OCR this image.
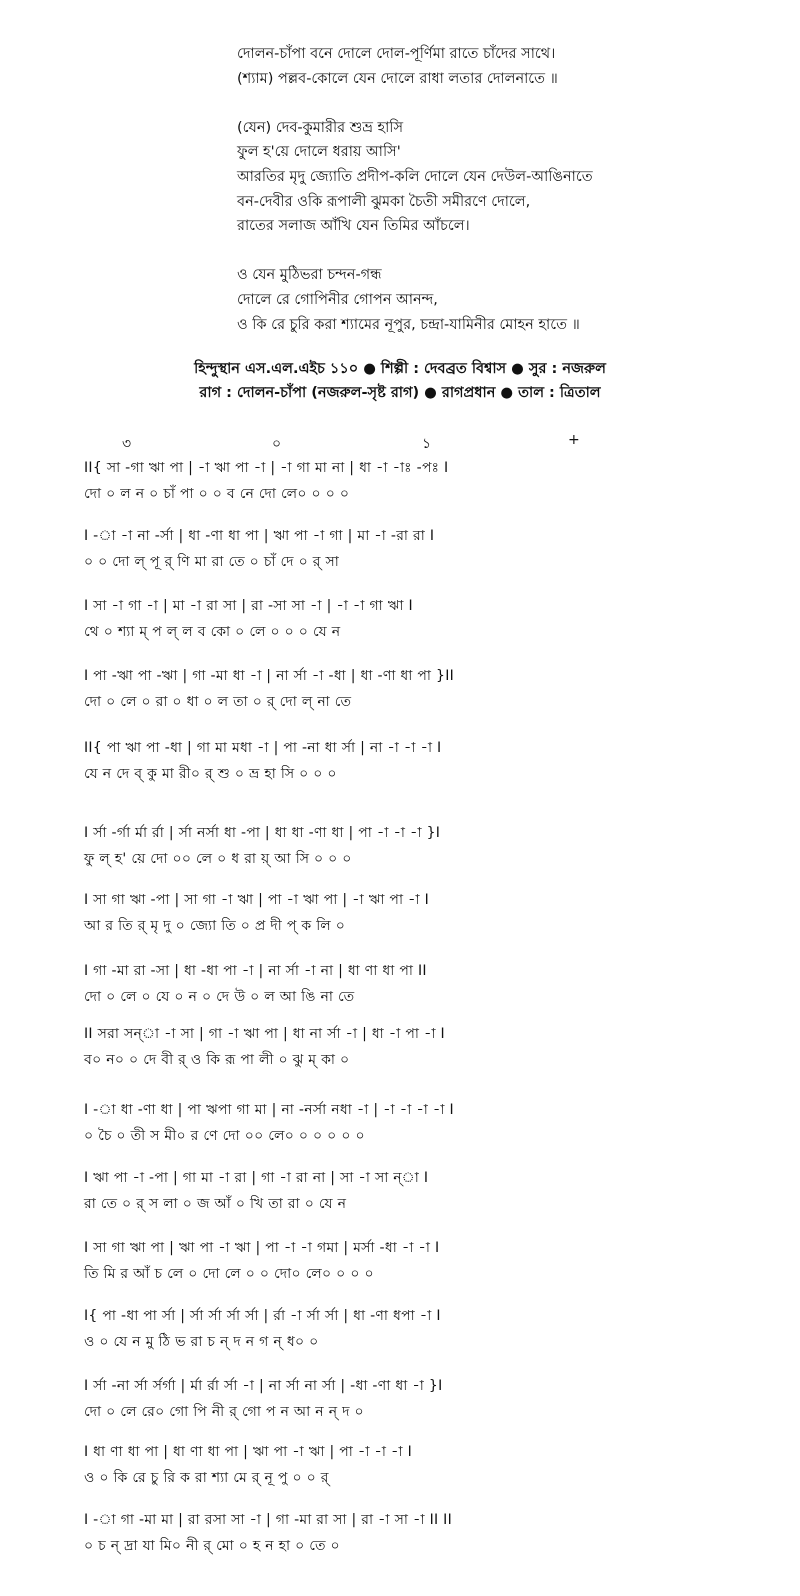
দোলন-চাঁপা বনে দোলে দোল-পূর্ণিমা রাতে চাঁদের সাথে।
(শ্যাম) পল্লব-কোলে যেন দোলে রাধা লতার দোলনাতে ॥
(যেন) দেব-কুমারীর শুভ্র হাসি
ফুল হ'য়ে দোলে ধরায় আসি'
আরতির মৃদু জ্যোতি প্রদীপ-কলি দোলে যেন দেউল-আঙিনাতে
বন-দেবীর ওকি রূপালী ঝুমকা চৈতী সমীরণে দোলে,
রাতের সলাজ আঁখি যেন তিমির আঁচলে।
ও যেন মুঠিভরা চন্দন-গন্ধ
দোলে রে গোপিনীর গোপন আনন্দ,
ও কি রে চুরি করা শ্যামের নূপুর, চন্দ্রা-যামিনীর মোহন হাতে ॥
হিন্দুস্থান এস.এল.এইচ ১১০ ● শিল্পী : দেবব্রত বিশ্বাস ● সুর : নজরুল
রাগ : দোলন-চাঁপা (নজরুল-সৃষ্ট রাগ) ● রাগপ্রধান ● তাল : ত্রিতাল
৩	০	১	+
II{ সা -গা ঋা পা | -া ঋা পা -া | -া গা মা না | ধা -া -াঃ -পঃ I
দো ০ ল ন ০ চাঁ পা ০ ০ ব নে দো লে০ ০ ০ ০
I -া -া না -র্সা | ধা -ণা ধা পা | ঋা পা -া গা | মা -া -রা রা I
০ ০ দো ল্ পূ র্ ণি মা রা তে ০ চাঁ দে ০ র্ সা
I সা -া গা -া | মা -া রা সা | রা -সা সা -া | -া -া গা ঋা I
থে ০ শ্যা ম্ প ল্ ল ব কো ০ লে ০ ০ ০ যে ন
I পা -ঋা পা -ঋা | গা -মা ধা -া | না র্সা -া -ধা | ধা -ণা ধা পা }II
দো ০ লে ০ রা ০ ধা ০ ল তা ০ র্ দো ল্ না তে
II{ পা ঋা পা -ধা | গা মা মধা -া | পা -না ধা র্সা | না -া -া -া I
যে ন দে ব্ কু মা রী০ র্ শু ০ ভ্র হা সি ০ ০ ০
I র্সা -র্গা র্মা র্রা | র্সা নর্সা ধা -পা | ধা ধা -ণা ধা | পা -া -া -া }I
ফু ল্ হ' য়ে দো ০০ লে ০ ধ রা য়্ আ সি ০ ০ ০
I সা গা ঋা -পা | সা গা -া ঋা | পা -া ঋা পা | -া ঋা পা -া I
আ র তি র্ মৃ দু ০ জ্যো তি ০ প্র দী প্ ক লি ০
I গা -মা রা -সা | ধা -ধা পা -া | না র্সা -া না | ধা ণা ধা পা II
দো ০ লে ০ যে ০ ন ০ দে উ ০ ল আ ঙি না তে
II সরা সন্া -া সা | গা -া ঋা পা | ধা না র্সা -া | ধা -া পা -া I
ব০ ন০ ০ দে বী র্ ও কি রূ পা লী ০ ঝু ম্ কা ০
I -া ধা -ণা ধা | পা ঋপা গা মা | না -নর্সা নধা -া | -া -া -া -া I
০ চৈ ০ তী স মী০ র ণে দো ০০ লে০ ০ ০ ০ ০ ০
I ঋা পা -া -পা | গা মা -া রা | গা -া রা না | সা -া সা ন্া I
রা তে ০ র্ স লা ০ জ আঁ ০ খি তা রা ০ যে ন
I সা গা ঋা পা | ঋা পা -া ঋা | পা -া -া গমা | মর্সা -ধা -া -া I
তি মি র আঁ চ লে ০ দো লে ০ ০ দো০ লে০ ০ ০ ০
I{ পা -ধা পা র্সা | র্সা র্সা র্সা র্সা | র্রা -া র্সা র্সা | ধা -ণা ধপা -া I
ও ০ যে ন মু ঠি ভ রা চ ন্ দ ন গ ন্ ধ০ ০
I র্সা -না র্সা র্সর্গা | র্মা র্রা র্সা -া | না র্সা না র্সা | -ধা -ণা ধা -া }I
দো ০ লে রে০ গো পি নী র্ গো প ন আ ন ন্ দ ০
I ধা ণা ধা পা | ধা ণা ধা পা | ঋা পা -া ঋা | পা -া -া -া I
ও ০ কি রে চু রি ক রা শ্যা মে র্ নূ পু ০ ০ র্
I -া গা -মা মা | রা রসা সা -া | গা -মা রা সা | রা -া সা -া II II
০ চ ন্ দ্রা যা মি০ নী র্ মো ০ হ ন হা ০ তে ০
